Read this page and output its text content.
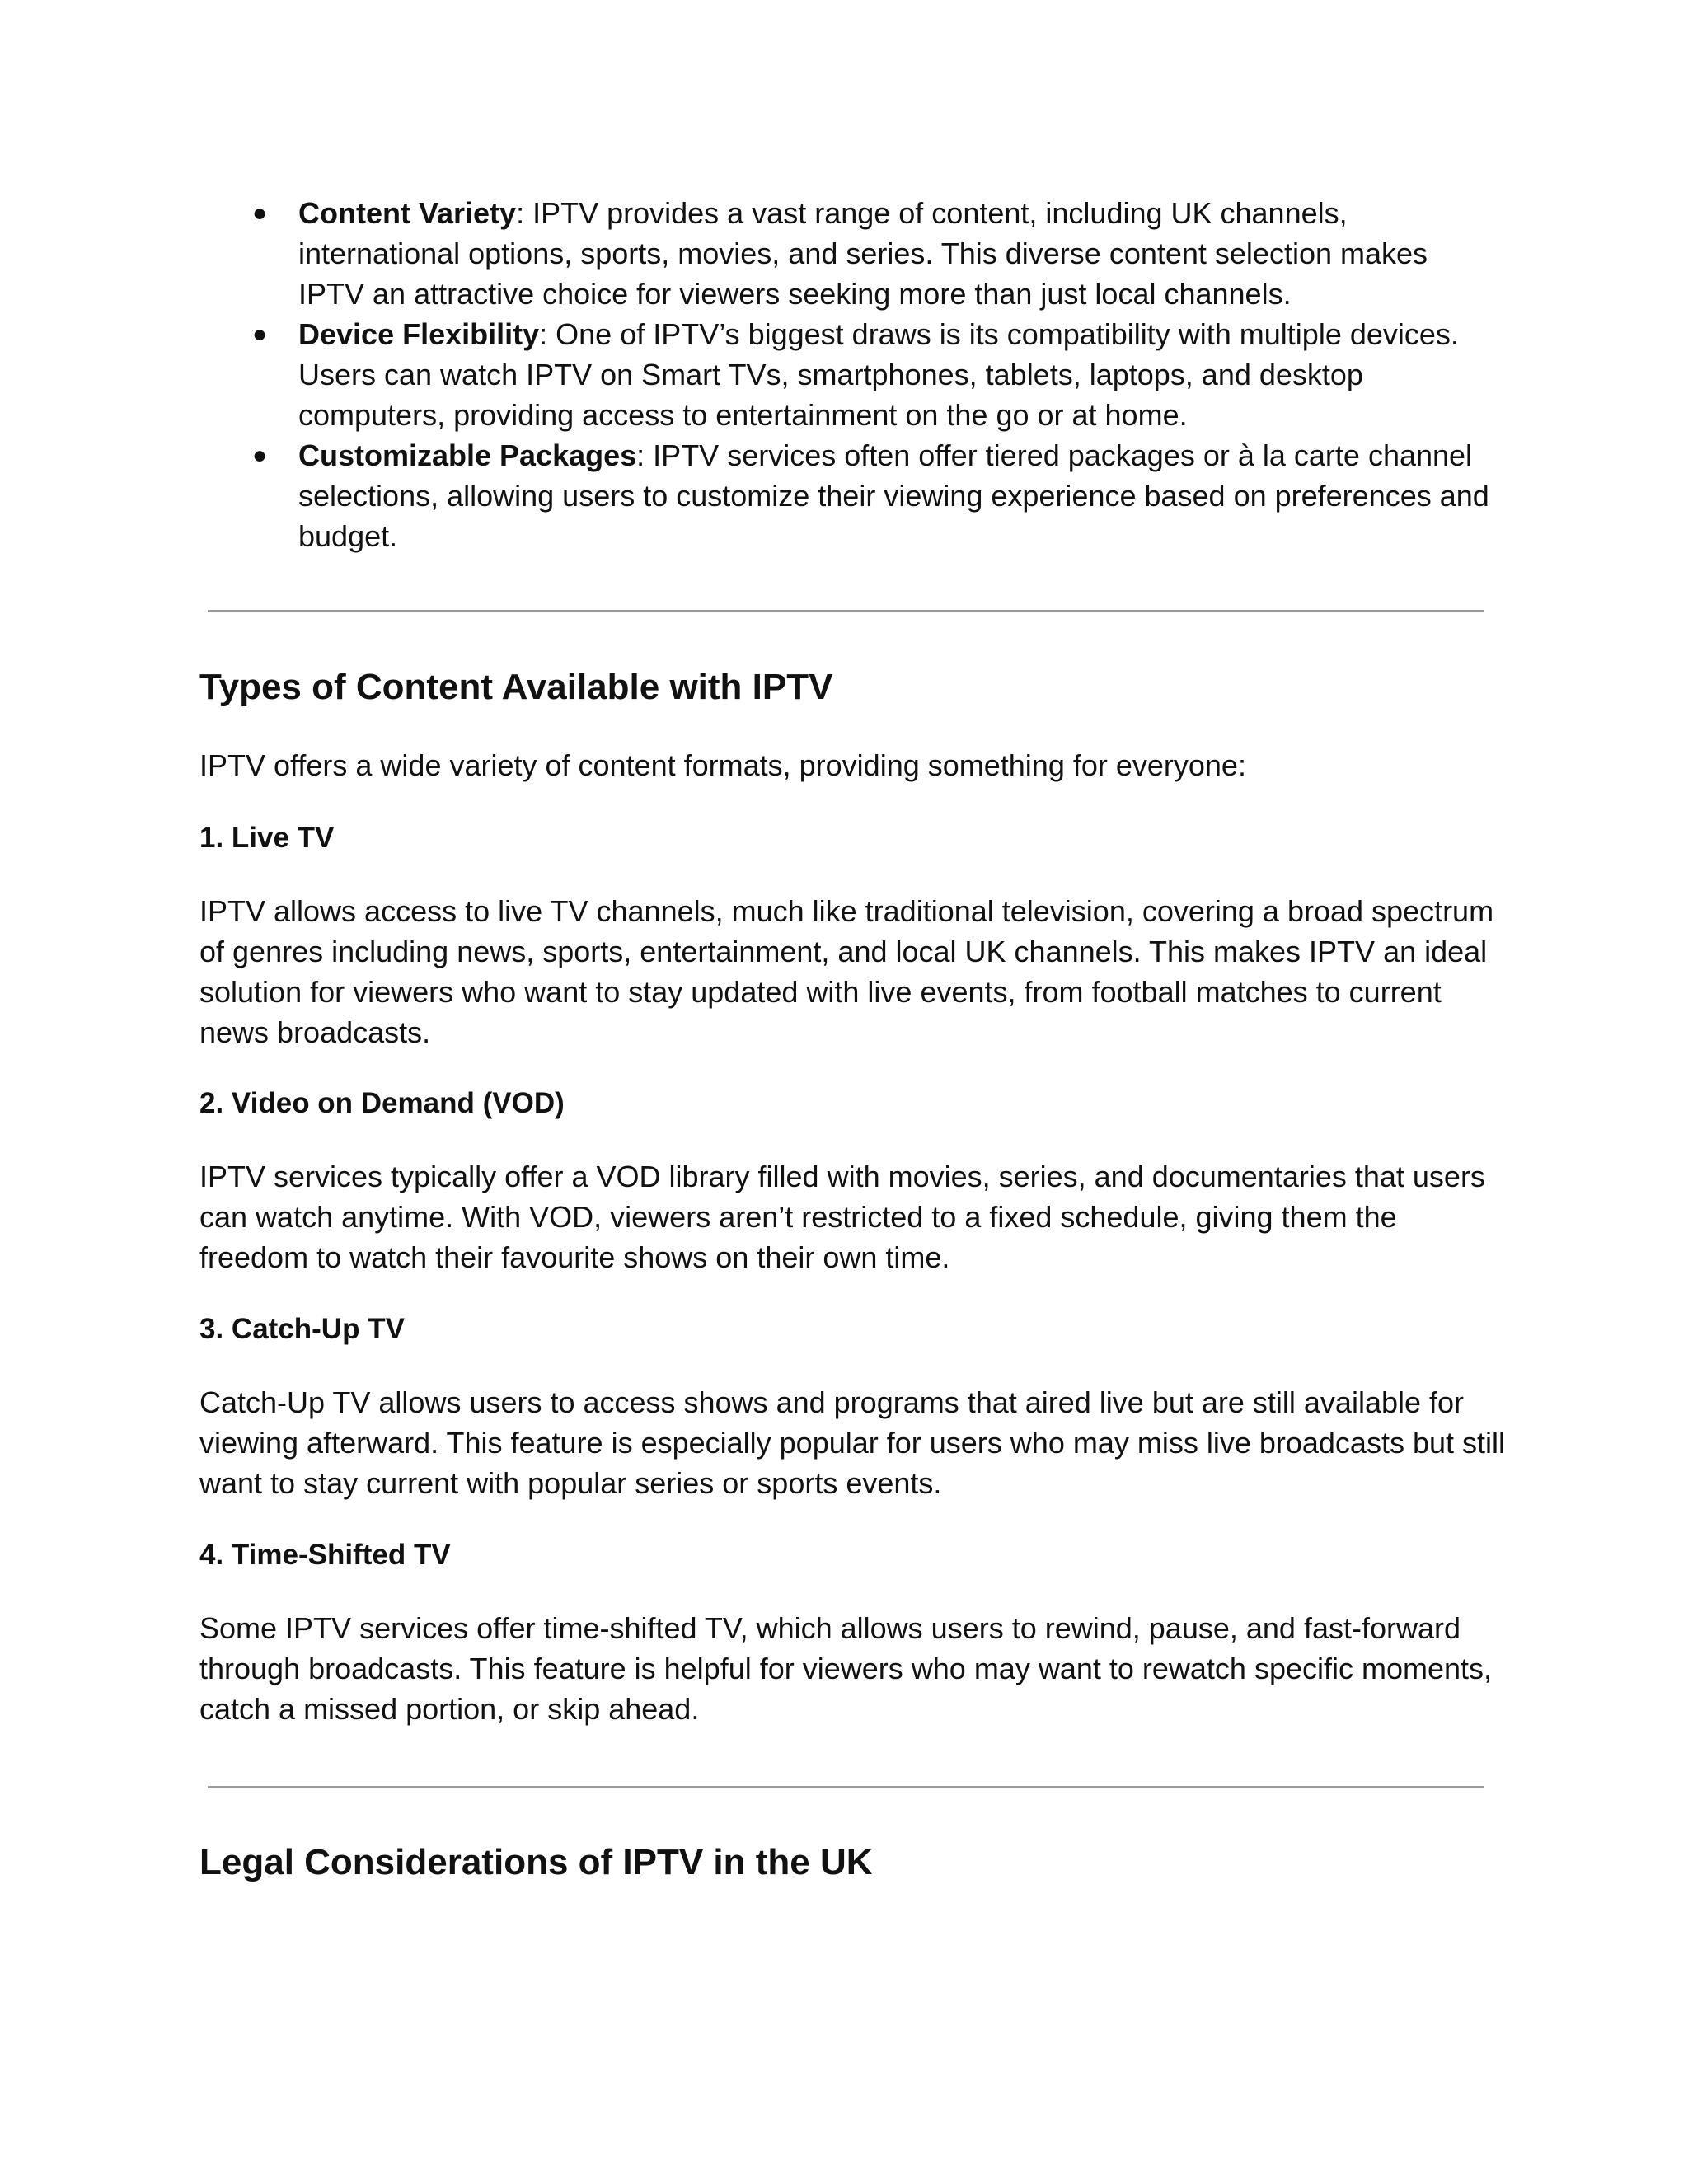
● Content Variety: IPTV provides a vast range of content, including UK channels, international options, sports, movies, and series. This diverse content selection makes IPTV an attractive choice for viewers seeking more than just local channels.
● Device Flexibility: One of IPTV’s biggest draws is its compatibility with multiple devices. Users can watch IPTV on Smart TVs, smartphones, tablets, laptops, and desktop computers, providing access to entertainment on the go or at home.
● Customizable Packages: IPTV services often offer tiered packages or à la carte channel selections, allowing users to customize their viewing experience based on preferences and budget.
Types of Content Available with IPTV

IPTV offers a wide variety of content formats, providing something for everyone:

1. Live TV

IPTV allows access to live TV channels, much like traditional television, covering a broad spectrum of genres including news, sports, entertainment, and local UK channels. This makes IPTV an ideal solution for viewers who want to stay updated with live events, from football matches to current news broadcasts.

2. Video on Demand (VOD)

IPTV services typically offer a VOD library filled with movies, series, and documentaries that users can watch anytime. With VOD, viewers aren’t restricted to a fixed schedule, giving them the freedom to watch their favourite shows on their own time.

3. Catch-Up TV

Catch-Up TV allows users to access shows and programs that aired live but are still available for viewing afterward. This feature is especially popular for users who may miss live broadcasts but still want to stay current with popular series or sports events.

4. Time-Shifted TV

Some IPTV services offer time-shifted TV, which allows users to rewind, pause, and fast-forward through broadcasts. This feature is helpful for viewers who may want to rewatch specific moments, catch a missed portion, or skip ahead.

Legal Considerations of IPTV in the UK
